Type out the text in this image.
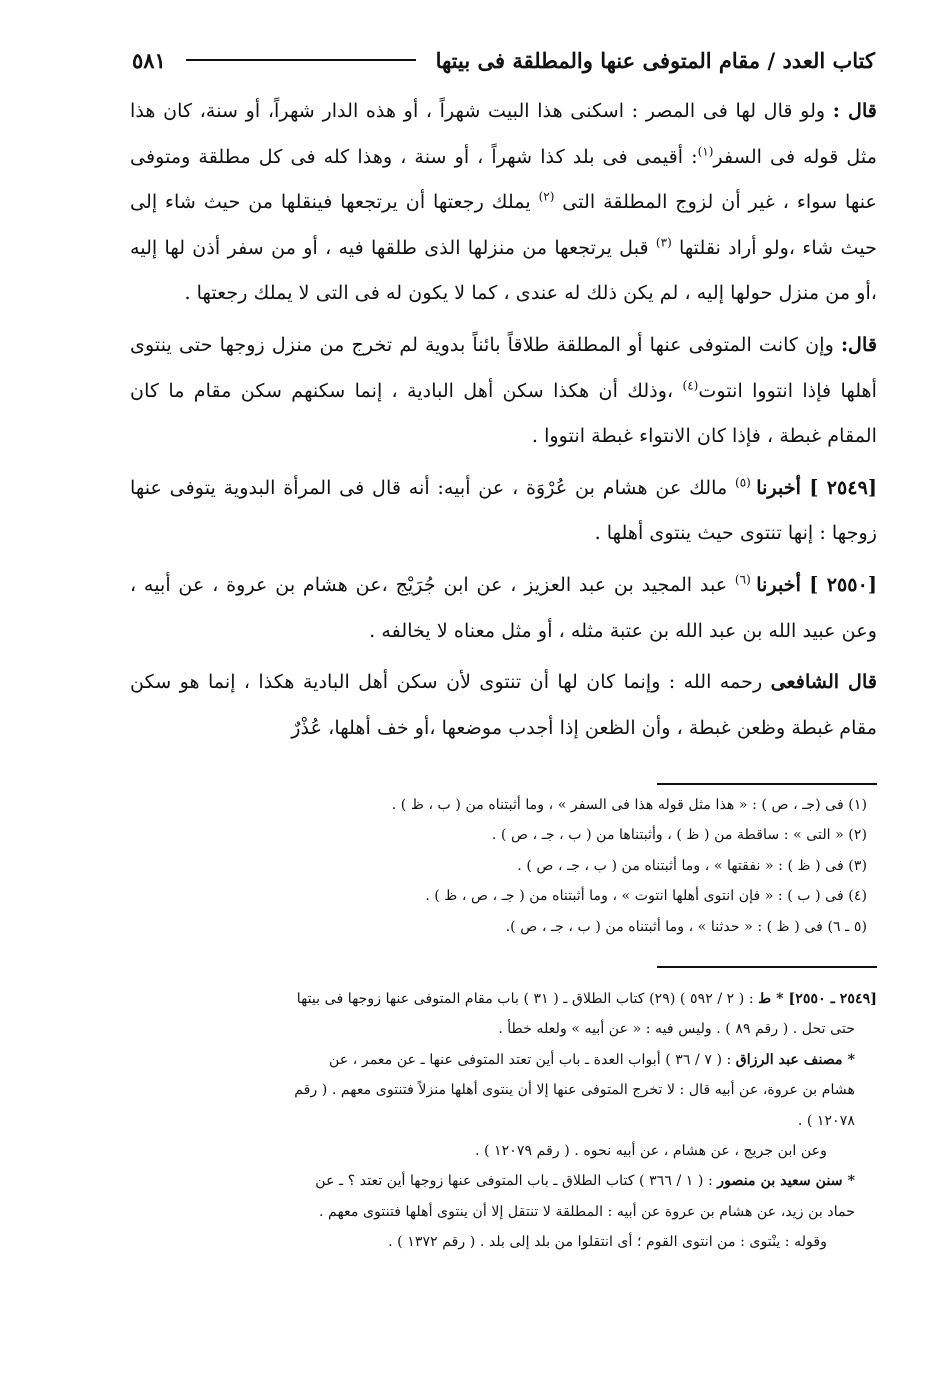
كتاب العدد / مقام المتوفى عنها والمطلقة فى بيتها
٥٨١

قال : ولو قال لها فى المصر : اسكنى هذا البيت شهراً ، أو هذه الدار شهراً، أو سنة، كان هذا مثل قوله فى السفر$^{(١)}$: أقيمى فى بلد كذا شهراً ، أو سنة ، وهذا كله فى كل مطلقة ومتوفى عنها سواء ، غير أن لزوج المطلقة التى $^{(٢)}$ يملك رجعتها أن يرتجعها فينقلها من حيث شاء إلى حيث شاء ،ولو أراد نقلتها $^{(٣)}$ قبل يرتجعها من منزلها الذى طلقها فيه ، أو من سفر أذن لها إليه ،أو من منزل حولها إليه ، لم يكن ذلك له عندى ، كما لا يكون له فى التى لا يملك رجعتها .

قال: وإن كانت المتوفى عنها أو المطلقة طلاقاً بائناً بدوية لم تخرج من منزل زوجها حتى ينتوى أهلها فإذا انتووا انتوت$^{(٤)}$ ،وذلك أن هكذا سكن أهل البادية ، إنما سكنهم سكن مقام ما كان المقام غبطة ، فإذا كان الانتواء غبطة انتووا .

[٢٥٤٩ ] أخبرنا $^{(٥)}$ مالك عن هشام بن عُرْوَة ، عن أبيه: أنه قال فى المرأة البدوية يتوفى عنها زوجها : إنها تنتوى حيث ينتوى أهلها .

[٢٥٥٠ ] أخبرنا $^{(٦)}$ عبد المجيد بن عبد العزيز ، عن ابن جُرَيْج ،عن هشام بن عروة ، عن أبيه ، وعن عبيد الله بن عبد الله بن عتبة مثله ، أو مثل معناه لا يخالفه .

قال الشافعى رحمه الله : وإنما كان لها أن تنتوى لأن سكن أهل البادية هكذا ، إنما هو سكن مقام غبطة وظعن غبطة ، وأن الظعن إذا أجدب موضعها ،أو خف أهلها، عُذْرٌ

(١) فى (جـ ، ص ) : « هذا مثل قوله هذا فى السفر » ، وما أثبتناه من ( ب ، ظ ) .

(٢) « التى » : ساقطة من ( ظ ) ، وأثبتناها من ( ب ، جـ ، ص ) .

(٣) فى ( ظ ) : « نفقتها » ، وما أثبتناه من ( ب ، جـ ، ص ) .

(٤) فى ( ب ) : « فإن انتوى أهلها انتوت » ، وما أثبتناه من ( جـ ، ص ، ظ ) .

(٥ ـ ٦) فى ( ظ ) : « حدثنا » ، وما أثبتناه من ( ب ، جـ ، ص ).

[٢٥٤٩ ـ ٢٥٥٠] * ط : ( ٢ / ٥٩٢ ) (٢٩) كتاب الطلاق ـ ( ٣١ ) باب مقام المتوفى عنها زوجها فى بيتها

حتى تحل . ( رقم ٨٩ ) . وليس فيه : « عن أبيه » ولعله خطأ .

* مصنف عبد الرزاق : ( ٧ / ٣٦ ) أبواب العدة ـ باب أين تعتد المتوفى عنها ـ عن معمر ، عن

هشام بن عروة، عن أبيه قال : لا تخرج المتوفى عنها إلا أن ينتوى أهلها منزلاً فتنتوى معهم . ( رقم

١٢٠٧٨ ) .

وعن ابن جريج ، عن هشام ، عن أبيه نحوه . ( رقم ١٢٠٧٩ ) .

* سنن سعيد بن منصور : ( ١ / ٣٦٦ ) كتاب الطلاق ـ باب المتوفى عنها زوجها أين تعتد ؟ ـ عن

حماد بن زيد، عن هشام بن عروة عن أبيه : المطلقة لا تنتقل إلا أن ينتوى أهلها فتنتوى معهم .

وقوله : ينْتوى : من انتوى القوم ؛ أى انتقلوا من بلد إلى بلد . ( رقم ١٣٧٢ ) .
